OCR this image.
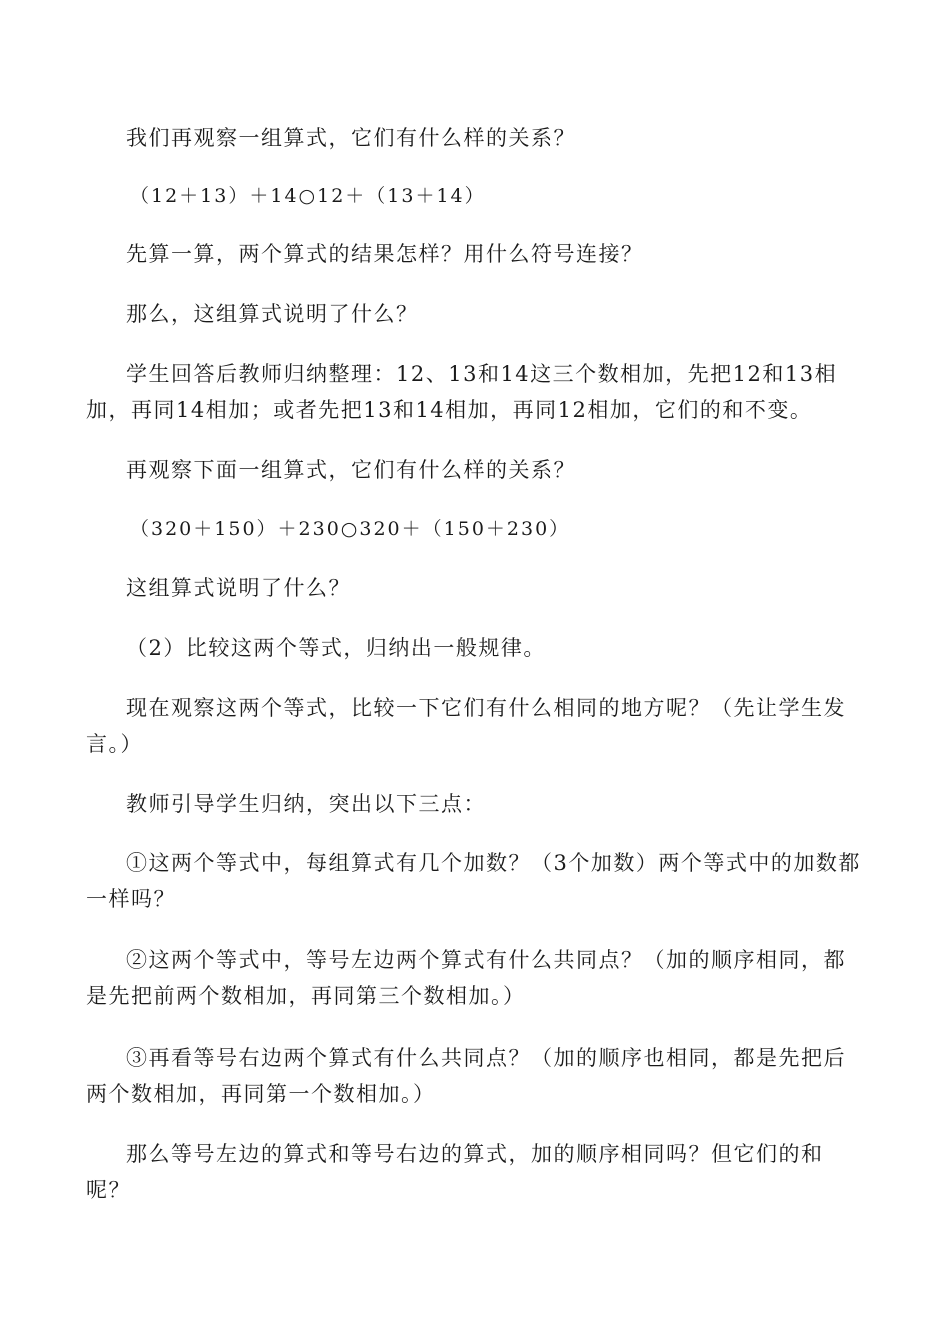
我们再观察一组算式，它们有什么样的关系？

（12＋13）＋14○12＋（13＋14）

先算一算，两个算式的结果怎样？用什么符号连接？

那么，这组算式说明了什么？

学生回答后教师归纳整理：12、13和14这三个数相加，先把12和13相加，再同14相加；或者先把13和14相加，再同12相加，它们的和不变。

再观察下面一组算式，它们有什么样的关系？

（320＋150）＋230○320＋（150＋230）

这组算式说明了什么？

（2）比较这两个等式，归纳出一般规律。

现在观察这两个等式，比较一下它们有什么相同的地方呢？（先让学生发言。）

教师引导学生归纳，突出以下三点：

①这两个等式中，每组算式有几个加数？（3个加数）两个等式中的加数都一样吗？

②这两个等式中，等号左边两个算式有什么共同点？（加的顺序相同，都是先把前两个数相加，再同第三个数相加。）

③再看等号右边两个算式有什么共同点？（加的顺序也相同，都是先把后两个数相加，再同第一个数相加。）

那么等号左边的算式和等号右边的算式，加的顺序相同吗？但它们的和呢？
